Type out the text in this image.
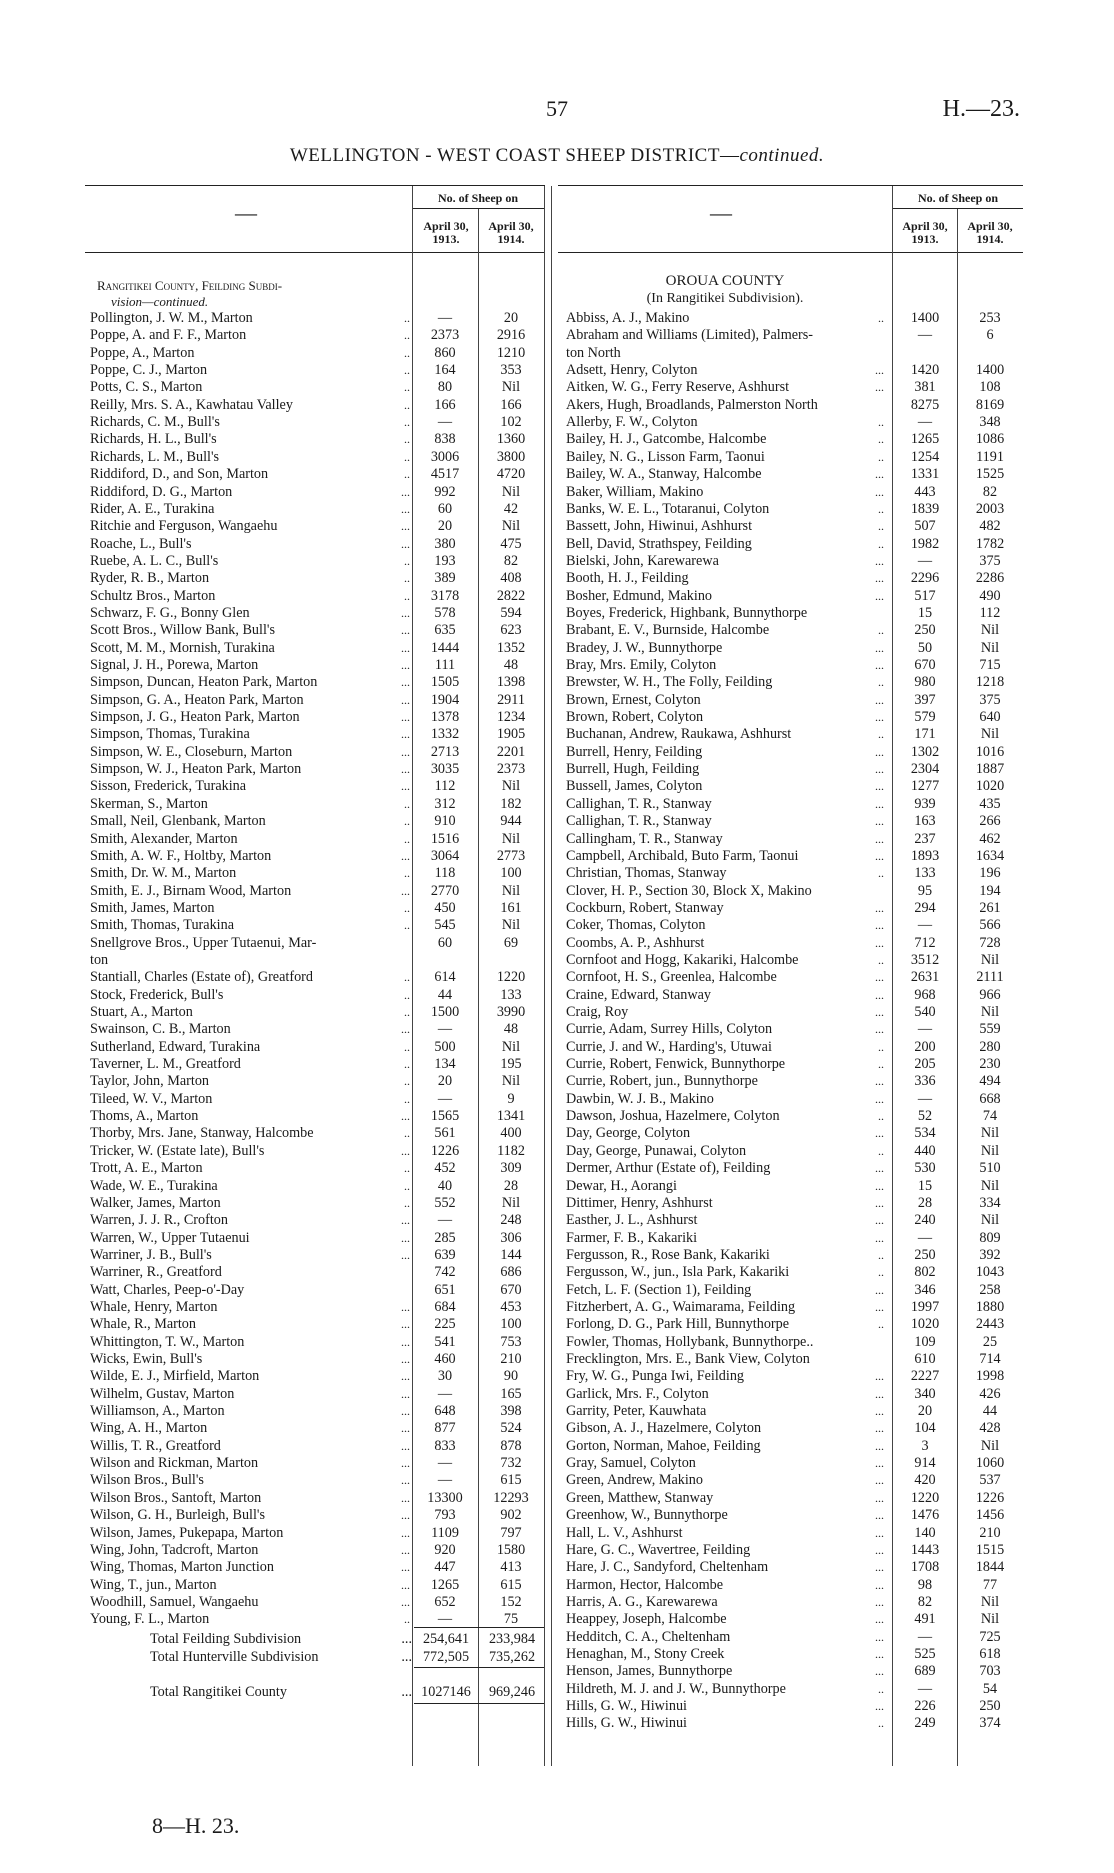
57	H.—23.
WELLINGTON - WEST COAST SHEEP DISTRICT—continued.
—	—
No. of Sheep on	No. of Sheep on
April 30, 1913.
April 30, 1914.
April 30, 1913.
April 30, 1914.
Rangitikei County, Feilding Subdi-
vision—continued.
OROUA COUNTY
(In Rangitikei Subdivision).
Pollington, J. W. M., Marton	..	—	20
Poppe, A. and F. F., Marton	..	2373	2916
Poppe, A., Marton	..	860	1210
Poppe, C. J., Marton	..	164	353
Potts, C. S., Marton	..	80	Nil
Reilly, Mrs. S. A., Kawhatau Valley	..	166	166
Richards, C. M., Bull's	..	—	102
Richards, H. L., Bull's	..	838	1360
Richards, L. M., Bull's	..	3006	3800
Riddiford, D., and Son, Marton	..	4517	4720
Riddiford, D. G., Marton	...	992	Nil
Rider, A. E., Turakina	...	60	42
Ritchie and Ferguson, Wangaehu	...	20	Nil
Roache, L., Bull's	...	380	475
Ruebe, A. L. C., Bull's	..	193	82
Ryder, R. B., Marton	..	389	408
Schultz Bros., Marton	..	3178	2822
Schwarz, F. G., Bonny Glen	...	578	594
Scott Bros., Willow Bank, Bull's	...	635	623
Scott, M. M., Mornish, Turakina	...	1444	1352
Signal, J. H., Porewa, Marton	...	111	48
Simpson, Duncan, Heaton Park, Marton	...	1505	1398
Simpson, G. A., Heaton Park, Marton	...	1904	2911
Simpson, J. G., Heaton Park, Marton	...	1378	1234
Simpson, Thomas, Turakina	...	1332	1905
Simpson, W. E., Closeburn, Marton	...	2713	2201
Simpson, W. J., Heaton Park, Marton	...	3035	2373
Sisson, Frederick, Turakina	...	112	Nil
Skerman, S., Marton	..	312	182
Small, Neil, Glenbank, Marton	..	910	944
Smith, Alexander, Marton	..	1516	Nil
Smith, A. W. F., Holtby, Marton	...	3064	2773
Smith, Dr. W. M., Marton	..	118	100
Smith, E. J., Birnam Wood, Marton	...	2770	Nil
Smith, James, Marton	..	450	161
Smith, Thomas, Turakina	..	545	Nil
Snellgrove Bros., Upper Tutaenui, Mar-	60	69
ton
Stantiall, Charles (Estate of), Greatford	..	614	1220
Stock, Frederick, Bull's	..	44	133
Stuart, A., Marton	..	1500	3990
Swainson, C. B., Marton	...	—	48
Sutherland, Edward, Turakina	..	500	Nil
Taverner, L. M., Greatford	..	134	195
Taylor, John, Marton	..	20	Nil
Tileed, W. V., Marton	..	—	9
Thoms, A., Marton	...	1565	1341
Thorby, Mrs. Jane, Stanway, Halcombe	..	561	400
Tricker, W. (Estate late), Bull's	...	1226	1182
Trott, A. E., Marton	..	452	309
Wade, W. E., Turakina	..	40	28
Walker, James, Marton	..	552	Nil
Warren, J. J. R., Crofton	...	—	248
Warren, W., Upper Tutaenui	...	285	306
Warriner, J. B., Bull's	...	639	144
Warriner, R., Greatford	742	686
Watt, Charles, Peep-o'-Day	651	670
Whale, Henry, Marton	...	684	453
Whale, R., Marton	...	225	100
Whittington, T. W., Marton	...	541	753
Wicks, Ewin, Bull's	...	460	210
Wilde, E. J., Mirfield, Marton	...	30	90
Wilhelm, Gustav, Marton	...	—	165
Williamson, A., Marton	...	648	398
Wing, A. H., Marton	...	877	524
Willis, T. R., Greatford	...	833	878
Wilson and Rickman, Marton	...	—	732
Wilson Bros., Bull's	...	—	615
Wilson Bros., Santoft, Marton	...	13300	12293
Wilson, G. H., Burleigh, Bull's	...	793	902
Wilson, James, Pukepapa, Marton	...	1109	797
Wing, John, Tadcroft, Marton	...	920	1580
Wing, Thomas, Marton Junction	...	447	413
Wing, T., jun., Marton	...	1265	615
Woodhill, Samuel, Wangaehu	...	652	152
Young, F. L., Marton	..	—	75
Abbiss, A. J., Makino	..	1400	253
Abraham and Williams (Limited), Palmers-	—	6
ton North
Adsett, Henry, Colyton	...	1420	1400
Aitken, W. G., Ferry Reserve, Ashhurst	...	381	108
Akers, Hugh, Broadlands, Palmerston North	8275	8169
Allerby, F. W., Colyton	..	—	348
Bailey, H. J., Gatcombe, Halcombe	..	1265	1086
Bailey, N. G., Lisson Farm, Taonui	..	1254	1191
Bailey, W. A., Stanway, Halcombe	...	1331	1525
Baker, William, Makino	...	443	82
Banks, W. E. L., Totaranui, Colyton	..	1839	2003
Bassett, John, Hiwinui, Ashhurst	..	507	482
Bell, David, Strathspey, Feilding	..	1982	1782
Bielski, John, Karewarewa	...	—	375
Booth, H. J., Feilding	...	2296	2286
Bosher, Edmund, Makino	...	517	490
Boyes, Frederick, Highbank, Bunnythorpe	15	112
Brabant, E. V., Burnside, Halcombe	..	250	Nil
Bradey, J. W., Bunnythorpe	...	50	Nil
Bray, Mrs. Emily, Colyton	...	670	715
Brewster, W. H., The Folly, Feilding	..	980	1218
Brown, Ernest, Colyton	...	397	375
Brown, Robert, Colyton	...	579	640
Buchanan, Andrew, Raukawa, Ashhurst	..	171	Nil
Burrell, Henry, Feilding	...	1302	1016
Burrell, Hugh, Feilding	...	2304	1887
Bussell, James, Colyton	...	1277	1020
Callighan, T. R., Stanway	...	939	435
Callighan, T. R., Stanway	...	163	266
Callingham, T. R., Stanway	...	237	462
Campbell, Archibald, Buto Farm, Taonui	...	1893	1634
Christian, Thomas, Stanway	..	133	196
Clover, H. P., Section 30, Block X, Makino	95	194
Cockburn, Robert, Stanway	...	294	261
Coker, Thomas, Colyton	...	—	566
Coombs, A. P., Ashhurst	...	712	728
Cornfoot and Hogg, Kakariki, Halcombe	..	3512	Nil
Cornfoot, H. S., Greenlea, Halcombe	...	2631	2111
Craine, Edward, Stanway	...	968	966
Craig, Roy	...	540	Nil
Currie, Adam, Surrey Hills, Colyton	...	—	559
Currie, J. and W., Harding's, Utuwai	..	200	280
Currie, Robert, Fenwick, Bunnythorpe	..	205	230
Currie, Robert, jun., Bunnythorpe	...	336	494
Dawbin, W. J. B., Makino	...	—	668
Dawson, Joshua, Hazelmere, Colyton	..	52	74
Day, George, Colyton	...	534	Nil
Day, George, Punawai, Colyton	..	440	Nil
Dermer, Arthur (Estate of), Feilding	...	530	510
Dewar, H., Aorangi	...	15	Nil
Dittimer, Henry, Ashhurst	...	28	334
Easther, J. L., Ashhurst	...	240	Nil
Farmer, F. B., Kakariki	...	—	809
Fergusson, R., Rose Bank, Kakariki	..	250	392
Fergusson, W., jun., Isla Park, Kakariki	..	802	1043
Fetch, L. F. (Section 1), Feilding	...	346	258
Fitzherbert, A. G., Waimarama, Feilding	...	1997	1880
Forlong, D. G., Park Hill, Bunnythorpe	..	1020	2443
Fowler, Thomas, Hollybank, Bunnythorpe..	109	25
Frecklington, Mrs. E., Bank View, Colyton	610	714
Fry, W. G., Punga Iwi, Feilding	...	2227	1998
Garlick, Mrs. F., Colyton	...	340	426
Garrity, Peter, Kauwhata	...	20	44
Gibson, A. J., Hazelmere, Colyton	...	104	428
Gorton, Norman, Mahoe, Feilding	...	3	Nil
Gray, Samuel, Colyton	...	914	1060
Green, Andrew, Makino	...	420	537
Green, Matthew, Stanway	...	1220	1226
Greenhow, W., Bunnythorpe	...	1476	1456
Hall, L. V., Ashhurst	...	140	210
Hare, G. C., Wavertree, Feilding	...	1443	1515
Hare, J. C., Sandyford, Cheltenham	...	1708	1844
Harmon, Hector, Halcombe	...	98	77
Harris, A. G., Karewarewa	...	82	Nil
Heappey, Joseph, Halcombe	...	491	Nil
Hedditch, C. A., Cheltenham	...	—	725
Henaghan, M., Stony Creek	...	525	618
Henson, James, Bunnythorpe	...	689	703
Hildreth, M. J. and J. W., Bunnythorpe	..	—	54
Hills, G. W., Hiwinui	...	226	250
Hills, G. W., Hiwinui	..	249	374
Total Feilding Subdivision	... 254,641	233,984
Total Hunterville Subdivision	... 772,505	735,262
Total Rangitikei County	... 1027146	969,246
8—H. 23.
